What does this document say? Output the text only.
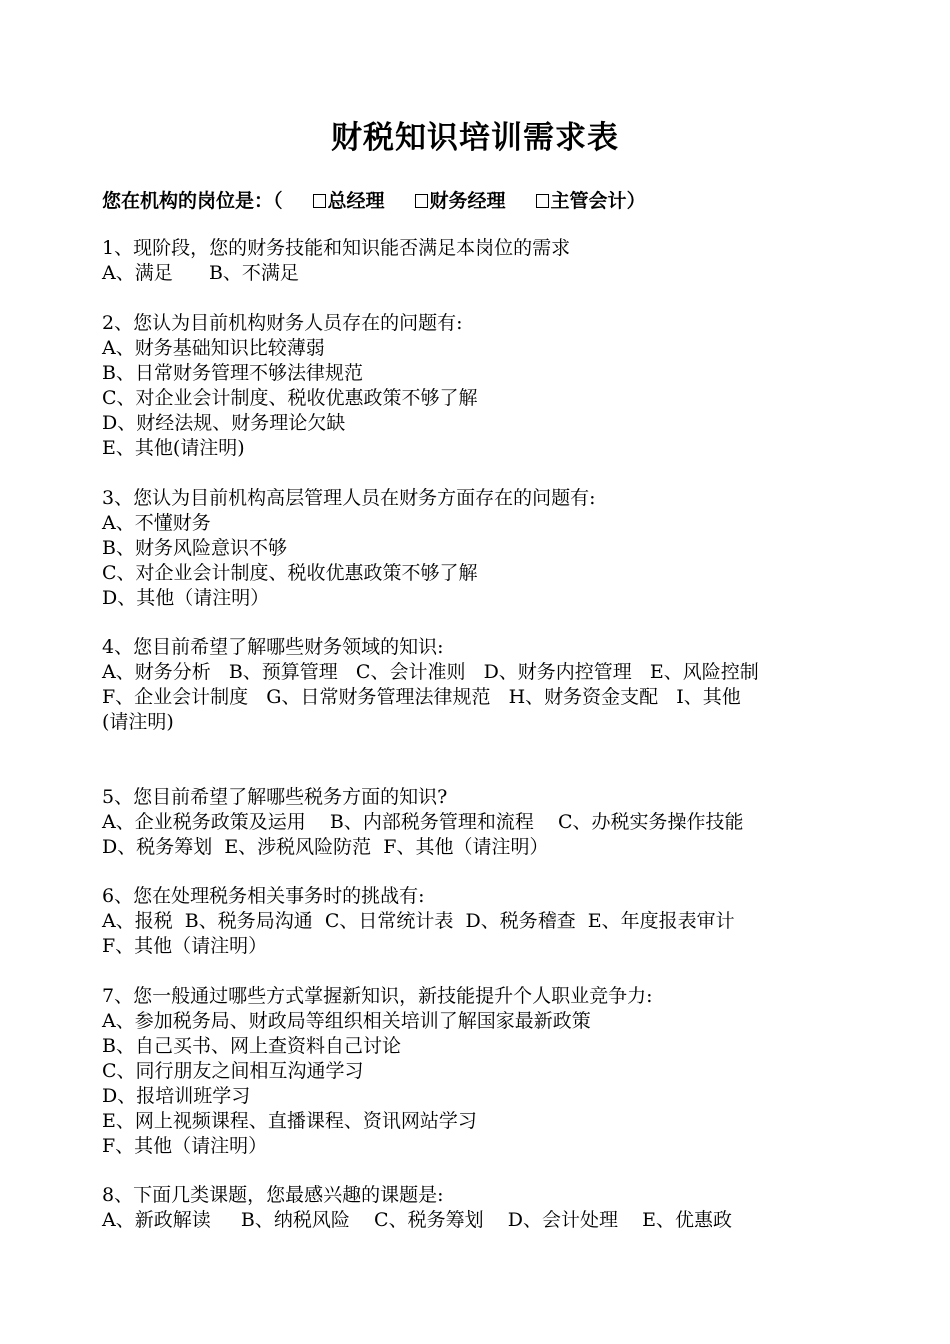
财税知识培训需求表
您在机构的岗位是：（ 总经理 财务经理 主管会计）
1、现阶段，您的财务技能和知识能否满足本岗位的需求
A、满足      B、不满足
2、您认为目前机构财务人员存在的问题有:
A、财务基础知识比较薄弱
B、日常财务管理不够法律规范
C、对企业会计制度、税收优惠政策不够了解
D、财经法规、财务理论欠缺
E、其他(请注明)
3、您认为目前机构高层管理人员在财务方面存在的问题有:
A、不懂财务
B、财务风险意识不够
C、对企业会计制度、税收优惠政策不够了解
D、其他（请注明）
4、您目前希望了解哪些财务领域的知识:
A、财务分析   B、预算管理   C、会计准则   D、财务内控管理   E、风险控制
F、企业会计制度   G、日常财务管理法律规范   H、财务资金支配   I、其他
(请注明)
5、您目前希望了解哪些税务方面的知识?
A、企业税务政策及运用    B、内部税务管理和流程    C、办税实务操作技能
D、税务筹划  E、涉税风险防范  F、其他（请注明）
6、您在处理税务相关事务时的挑战有:
A、报税  B、税务局沟通  C、日常统计表  D、税务稽查  E、年度报表审计
F、其他（请注明）
7、您一般通过哪些方式掌握新知识，新技能提升个人职业竞争力:
A、参加税务局、财政局等组织相关培训了解国家最新政策
B、自己买书、网上查资料自己讨论
C、同行朋友之间相互沟通学习
D、报培训班学习
E、网上视频课程、直播课程、资讯网站学习
F、其他（请注明）
8、下面几类课题，您最感兴趣的课题是:
A、新政解读     B、纳税风险    C、税务筹划    D、会计处理    E、优惠政
